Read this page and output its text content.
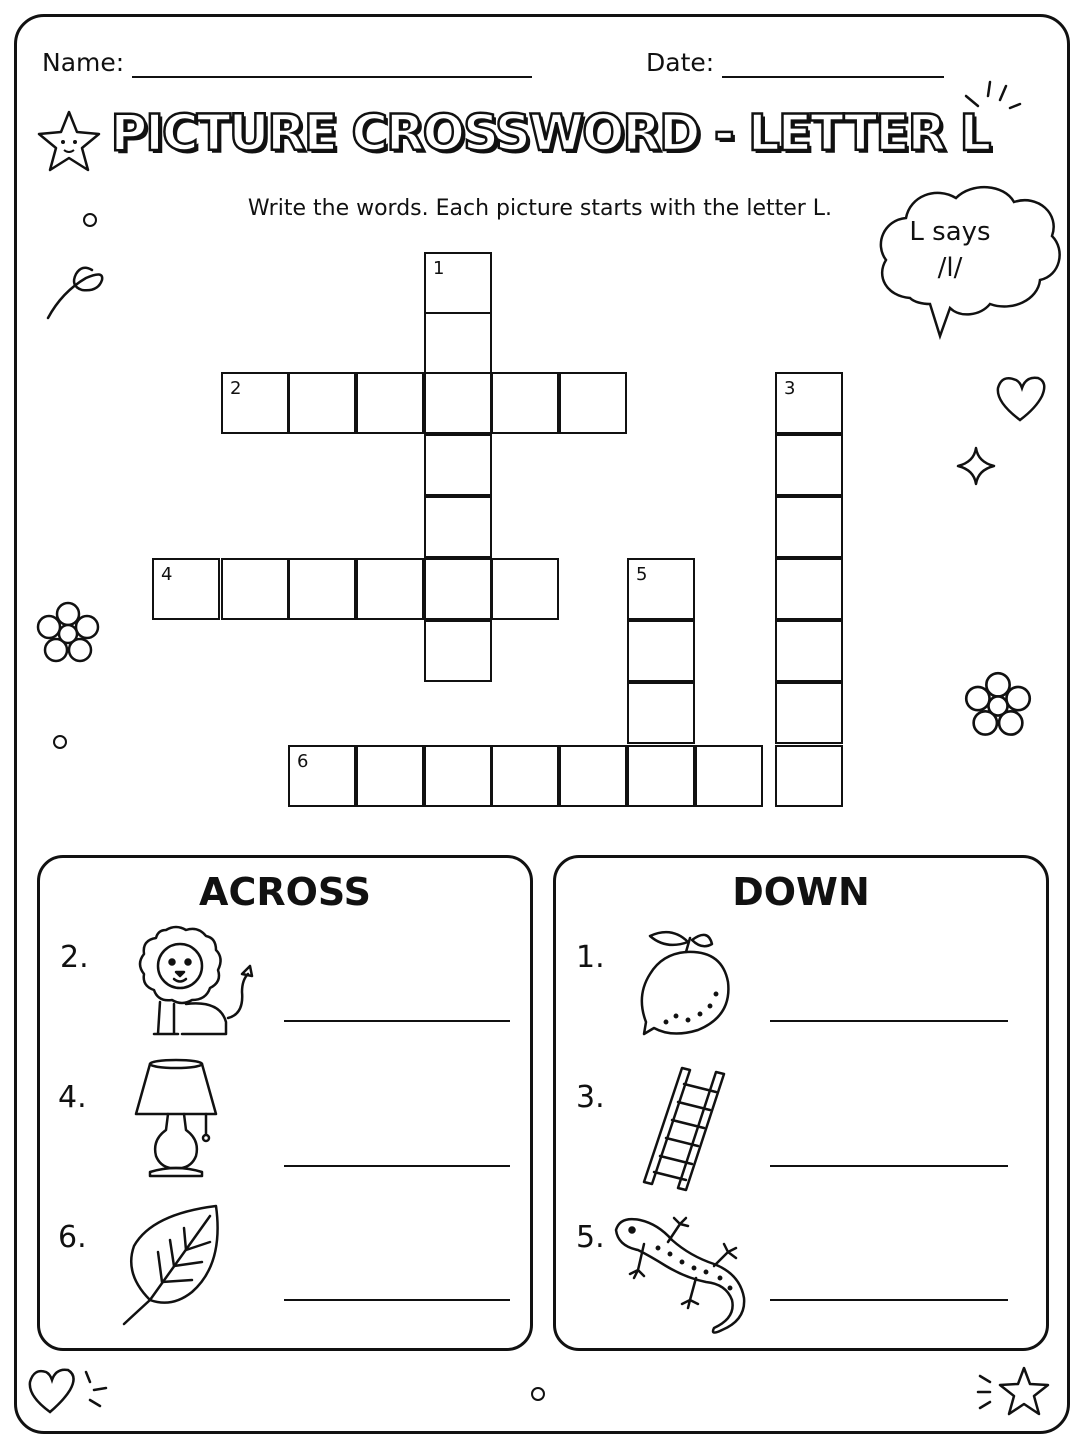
Name:	Date:
PICTURE CROSSWORD - LETTER L
Write the words. Each picture starts with the letter L.
L says
/l/
1
2
4
3
5
6
ACROSS
2.
4.
6.
DOWN
1.
3.
5.
